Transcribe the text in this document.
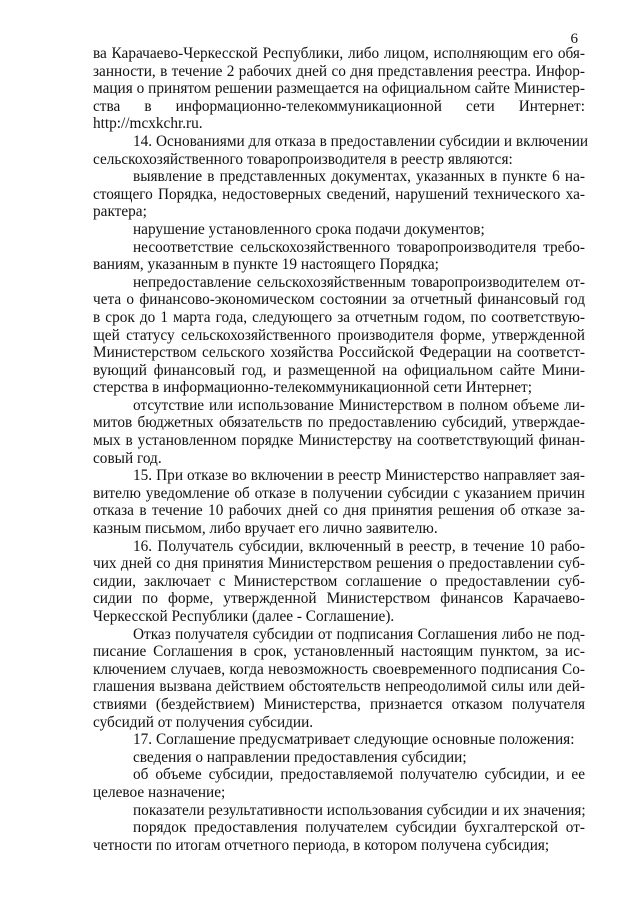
6
ва Карачаево-Черкесской Республики, либо лицом, исполняющим его обя-
занности, в течение 2 рабочих дней со дня представления реестра. Инфор-
мация о принятом решении размещается на официальном сайте Министер-
ства в информационно-телекоммуникационной сети Интернет:
http://mcxkchr.ru.
14. Основаниями для отказа в предоставлении субсидии и включении
сельскохозяйственного товаропроизводителя в реестр являются:
выявление в представленных документах, указанных в пункте 6 на-
стоящего Порядка, недостоверных сведений, нарушений технического ха-
рактера;
нарушение установленного срока подачи документов;
несоответствие сельскохозяйственного товаропроизводителя требо-
ваниям, указанным в пункте 19 настоящего Порядка;
непредоставление сельскохозяйственным товаропроизводителем от-
чета о финансово-экономическом состоянии за отчетный финансовый год
в срок до 1 марта года, следующего за отчетным годом, по соответствую-
щей статусу сельскохозяйственного производителя форме, утвержденной
Министерством сельского хозяйства Российской Федерации на соответст-
вующий финансовый год, и размещенной на официальном сайте Мини-
стерства в информационно-телекоммуникационной сети Интернет;
отсутствие или использование Министерством в полном объеме ли-
митов бюджетных обязательств по предоставлению субсидий, утверждае-
мых в установленном порядке Министерству на соответствующий финан-
совый год.
15. При отказе во включении в реестр Министерство направляет зая-
вителю уведомление об отказе в получении субсидии с указанием причин
отказа в течение 10 рабочих дней со дня принятия решения об отказе за-
казным письмом, либо вручает его лично заявителю.
16. Получатель субсидии, включенный в реестр, в течение 10 рабо-
чих дней со дня принятия Министерством решения о предоставлении суб-
сидии, заключает с Министерством соглашение о предоставлении суб-
сидии по форме, утвержденной Министерством финансов Карачаево-
Черкесской Республики (далее - Соглашение).
Отказ получателя субсидии от подписания Соглашения либо не под-
писание Соглашения в срок, установленный настоящим пунктом, за ис-
ключением случаев, когда невозможность своевременного подписания Со-
глашения вызвана действием обстоятельств непреодолимой силы или дей-
ствиями (бездействием) Министерства, признается отказом получателя
субсидий от получения субсидии.
17. Соглашение предусматривает следующие основные положения:
сведения о направлении предоставления субсидии;
об объеме субсидии, предоставляемой получателю субсидии, и ее
целевое назначение;
показатели результативности использования субсидии и их значения;
порядок предоставления получателем субсидии бухгалтерской от-
четности по итогам отчетного периода, в котором получена субсидия;
